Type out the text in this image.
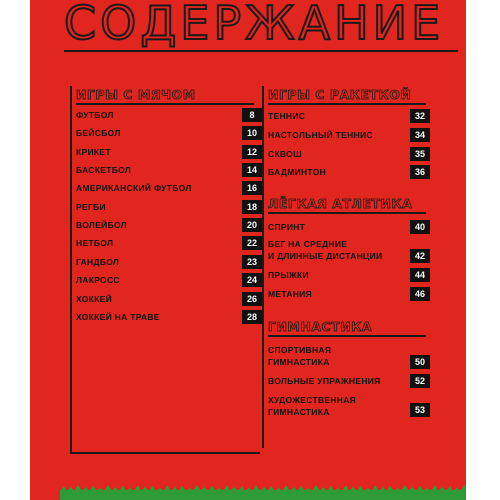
СОДЕРЖАНИЕ
ИГРЫ С МЯЧОМ
ФУТБОЛ	8
БЕЙСБОЛ	10
КРИКЕТ	12
БАСКЕТБОЛ	14
АМЕРИКАНСКИЙ ФУТБОЛ	16
РЕГБИ	18
ВОЛЕЙБОЛ	20
НЕТБОЛ	22
ГАНДБОЛ	23
ЛАКРОСС	24
ХОККЕЙ	26
ХОККЕЙ НА ТРАВЕ	28
ИГРЫ С РАКЕТКОЙ
ТЕННИС	32
НАСТОЛЬНЫЙ ТЕННИС	34
СКВОШ	35
БАДМИНТОН	36
ЛЁГКАЯ АТЛЕТИКА
СПРИНТ	40
БЕГ НА СРЕДНИЕ
И ДЛИННЫЕ ДИСТАНЦИИ	42
ПРЫЖКИ	44
МЕТАНИЯ	46
ГИМНАСТИКА
СПОРТИВНАЯ
ГИМНАСТИКА	50
ВОЛЬНЫЕ УПРАЖНЕНИЯ	52
ХУДОЖЕСТВЕННАЯ
ГИМНАСТИКА	53
